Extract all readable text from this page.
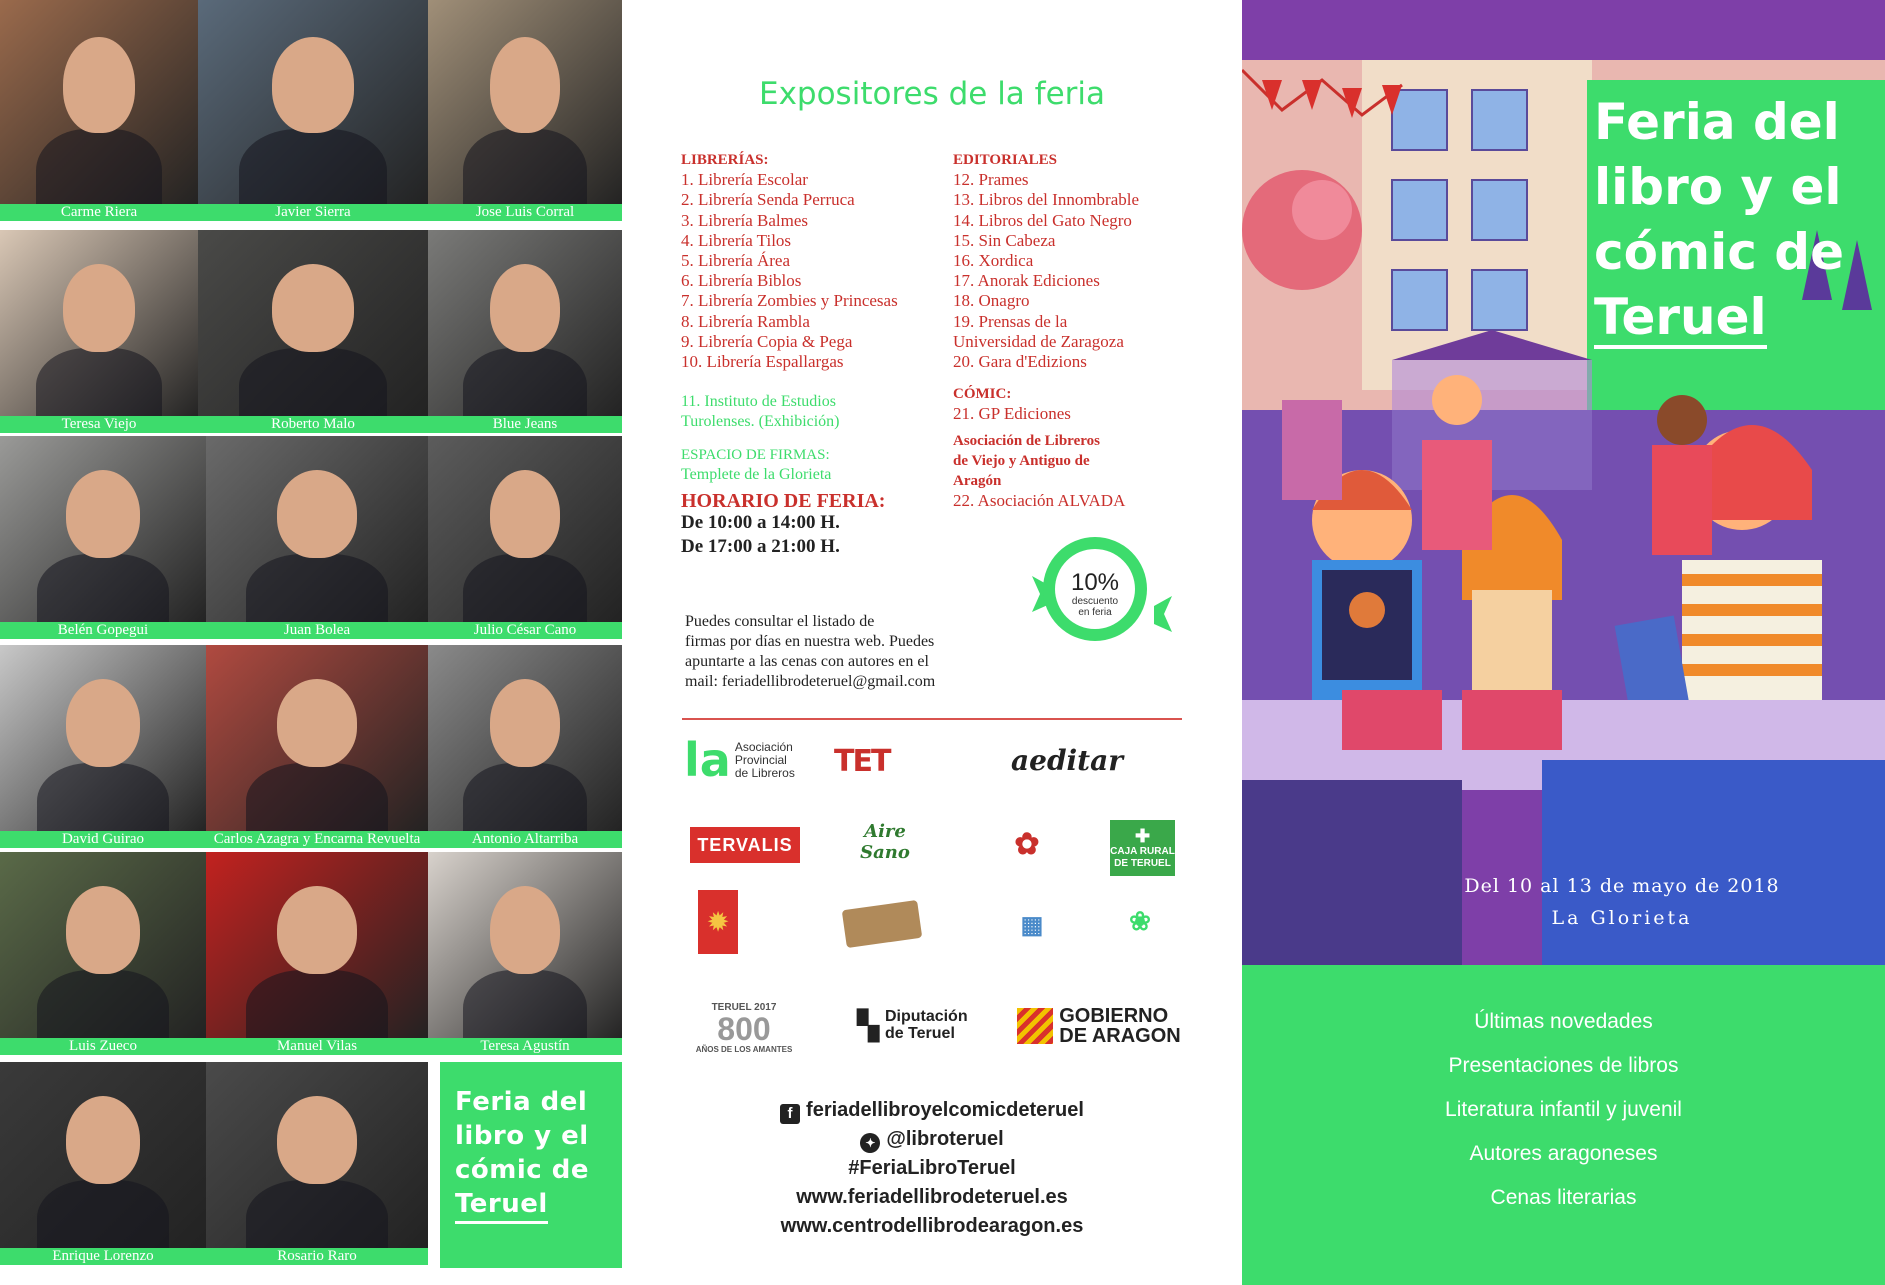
Carme Riera	Javier Sierra	Jose Luis Corral
Teresa Viejo	Roberto Malo	Blue Jeans
Belén Gopegui	Juan Bolea	Julio César Cano
David Guirao	Carlos Azagra y Encarna Revuelta	Antonio Altarriba
Luis Zueco	Manuel Vilas	Teresa Agustín
Enrique Lorenzo	Rosario Raro
Feria del
libro y el
cómic de
Teruel
Expositores de la feria
LIBRERÍAS:
1. Librería Escolar
2. Librería Senda Perruca
3. Librería Balmes
4. Librería Tilos
5. Librería Área
6. Librería Biblos
7. Librería Zombies y Princesas
8. Librería Rambla
9. Librería Copia & Pega
10. Librería Espallargas
11. Instituto de Estudios
Turolenses. (Exhibición)
ESPACIO DE FIRMAS:
Templete de la Glorieta
HORARIO DE FERIA:
De 10:00 a 14:00 H.
De 17:00 a 21:00 H.
EDITORIALES
12. Prames
13. Libros del Innombrable
14. Libros del Gato Negro
15. Sin Cabeza
16. Xordica
17. Anorak Ediciones
18. Onagro
19. Prensas de la
Universidad de Zaragoza
20. Gara d'Edizions
CÓMIC:
21. GP Ediciones
Asociación de Libreros
de Viejo y Antiguo de
Aragón
22. Asociación ALVADA
10%
descuento
en feria
Puedes consultar el listado de
firmas por días en nuestra web. Puedes
apuntarte a las cenas con autores en el
mail: feriadellibrodeteruel@gmail.com
la Asociación
Provincial
de Libreros TET	aeditar
TERVALIS
Aire Sano	✿	✚
CAJA RURAL
DE TERUEL
✹	▦	❀
TERUEL 2017
800
AÑOS DE LOS AMANTES
▚ Diputación
de Teruel
GOBIERNO
DE ARAGON
f feriadellibroyelcomicdeteruel
✦ @libroteruel
#FeriaLibroTeruel
www.feriadellibrodeteruel.es
www.centrodellibrodearagon.es
Feria del
libro y el
cómic de
Teruel
Del 10 al 13 de mayo de 2018
La Glorieta
Últimas novedades
Presentaciones de libros
Literatura infantil y juvenil
Autores aragoneses
Cenas literarias
